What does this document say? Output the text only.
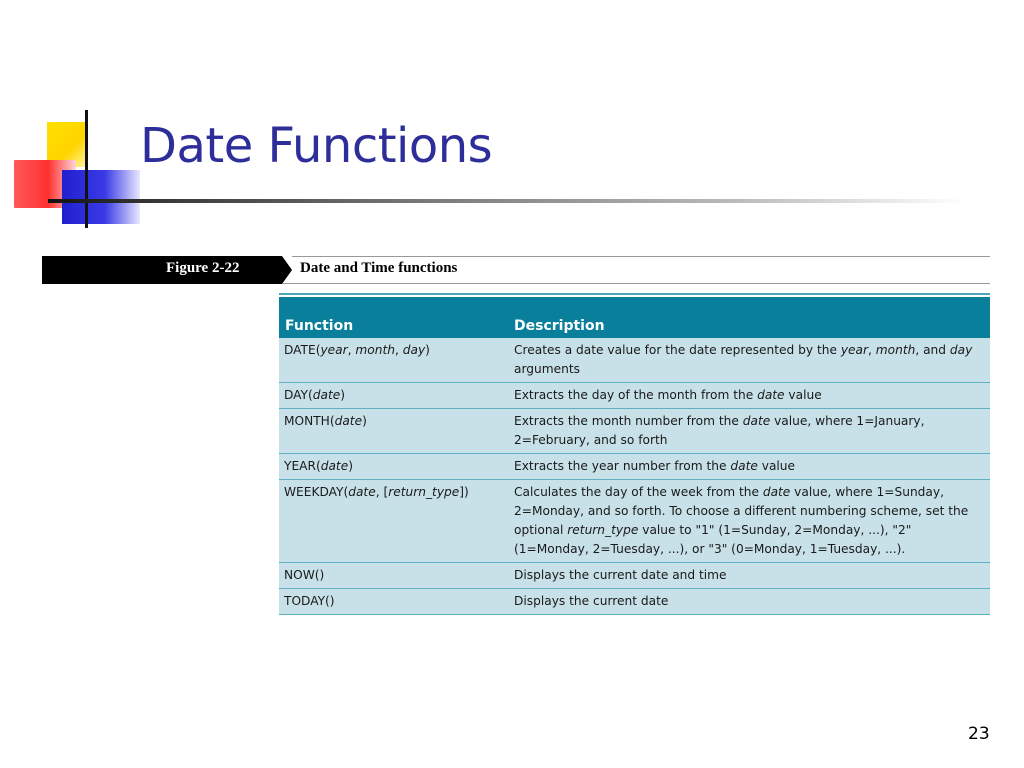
Date Functions
Figure 2-22	Date and Time functions
Function	Description
DATE(year, month, day)	Creates a date value for the date represented by the year, month, and day arguments
DAY(date)	Extracts the day of the month from the date value
MONTH(date)	Extracts the month number from the date value, where 1=January, 2=February, and so forth
YEAR(date)	Extracts the year number from the date value
WEEKDAY(date, [return_type])	Calculates the day of the week from the date value, where 1=Sunday, 2=Monday, and so forth. To choose a different numbering scheme, set the optional return_type value to "1" (1=Sunday, 2=Monday, ...), "2" (1=Monday, 2=Tuesday, ...), or "3" (0=Monday, 1=Tuesday, ...).
NOW()	Displays the current date and time
TODAY()	Displays the current date
23
